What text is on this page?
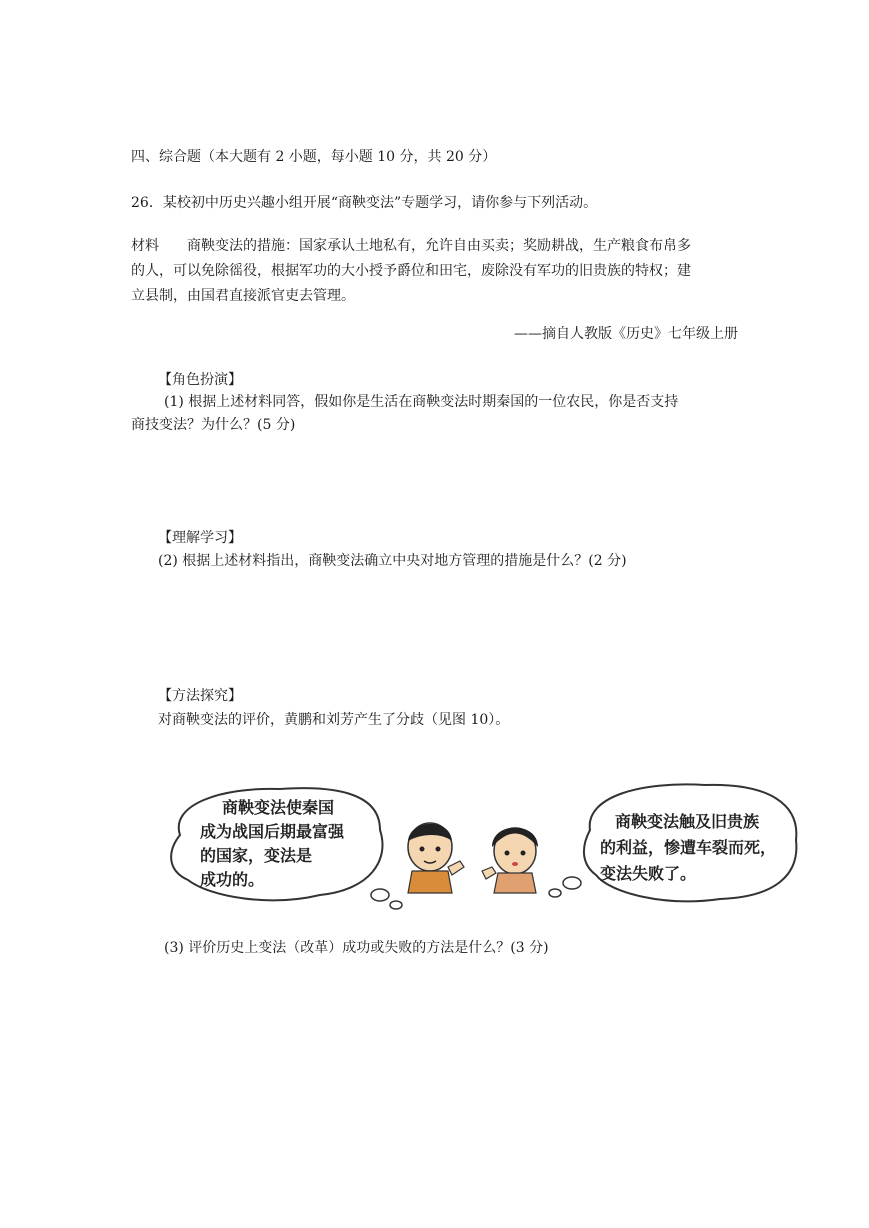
四、综合题（本大题有 2 小题，每小题 10 分，共 20 分）
26．某校初中历史兴趣小组开展“商鞅变法”专题学习，请你参与下列活动。
材料 商鞅变法的措施：国家承认土地私有，允许自由买卖；奖励耕战，生产粮食布帛多
的人，可以免除徭役，根据军功的大小授予爵位和田宅，废除没有军功的旧贵族的特权；建
立县制，由国君直接派官吏去管理。
——摘自人教版《历史》七年级上册
【角色扮演】
(1) 根据上述材料同答，假如你是生活在商鞅变法时期秦国的一位农民，你是否支持
商技变法？为什么？(5 分)
【理解学习】
(2) 根据上述材料指出，商鞅变法确立中央对地方管理的措施是什么？(2 分)
【方法探究】
对商鞅变法的评价，黄鹏和刘芳产生了分歧（见图 10）。
商鞅变法使秦国
成为战国后期最富强
的国家，变法是
成功的。
商鞅变法触及旧贵族
的利益，惨遭车裂而死，
变法失败了。
(3) 评价历史上变法（改革）成功或失败的方法是什么？(3 分)
